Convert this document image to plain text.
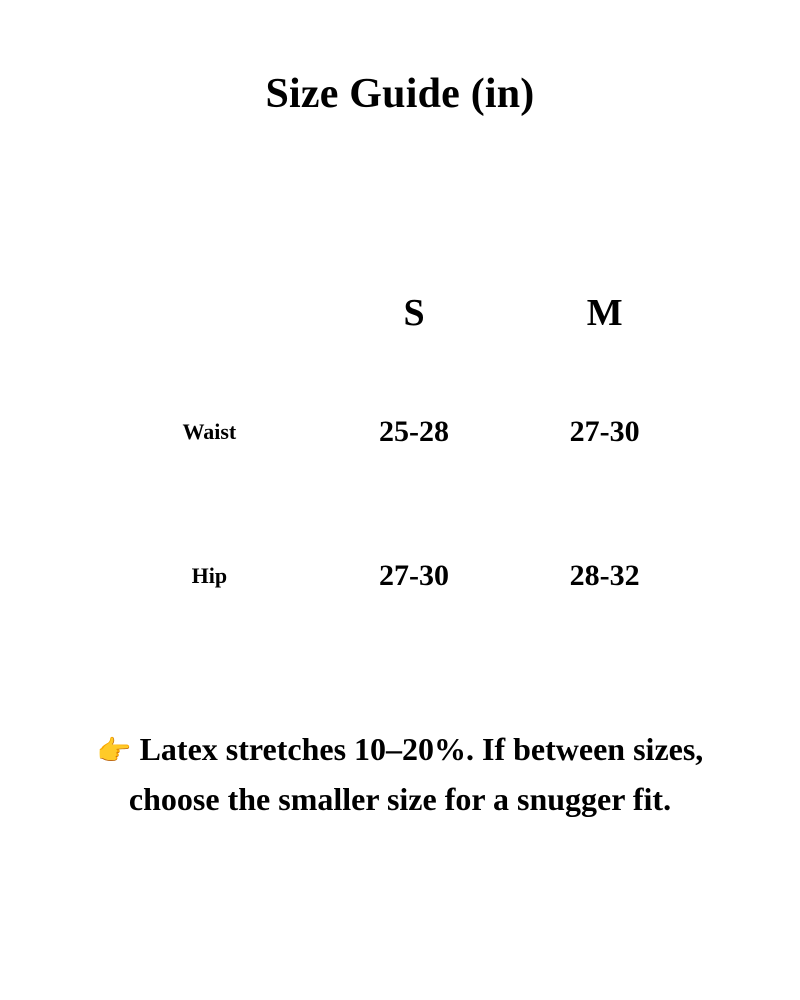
Size Guide (in)
	S	M
Waist	25-28	27-30
Hip	27-30	28-32
👉 Latex stretches 10–20%. If between sizes, choose the smaller size for a snugger fit.
